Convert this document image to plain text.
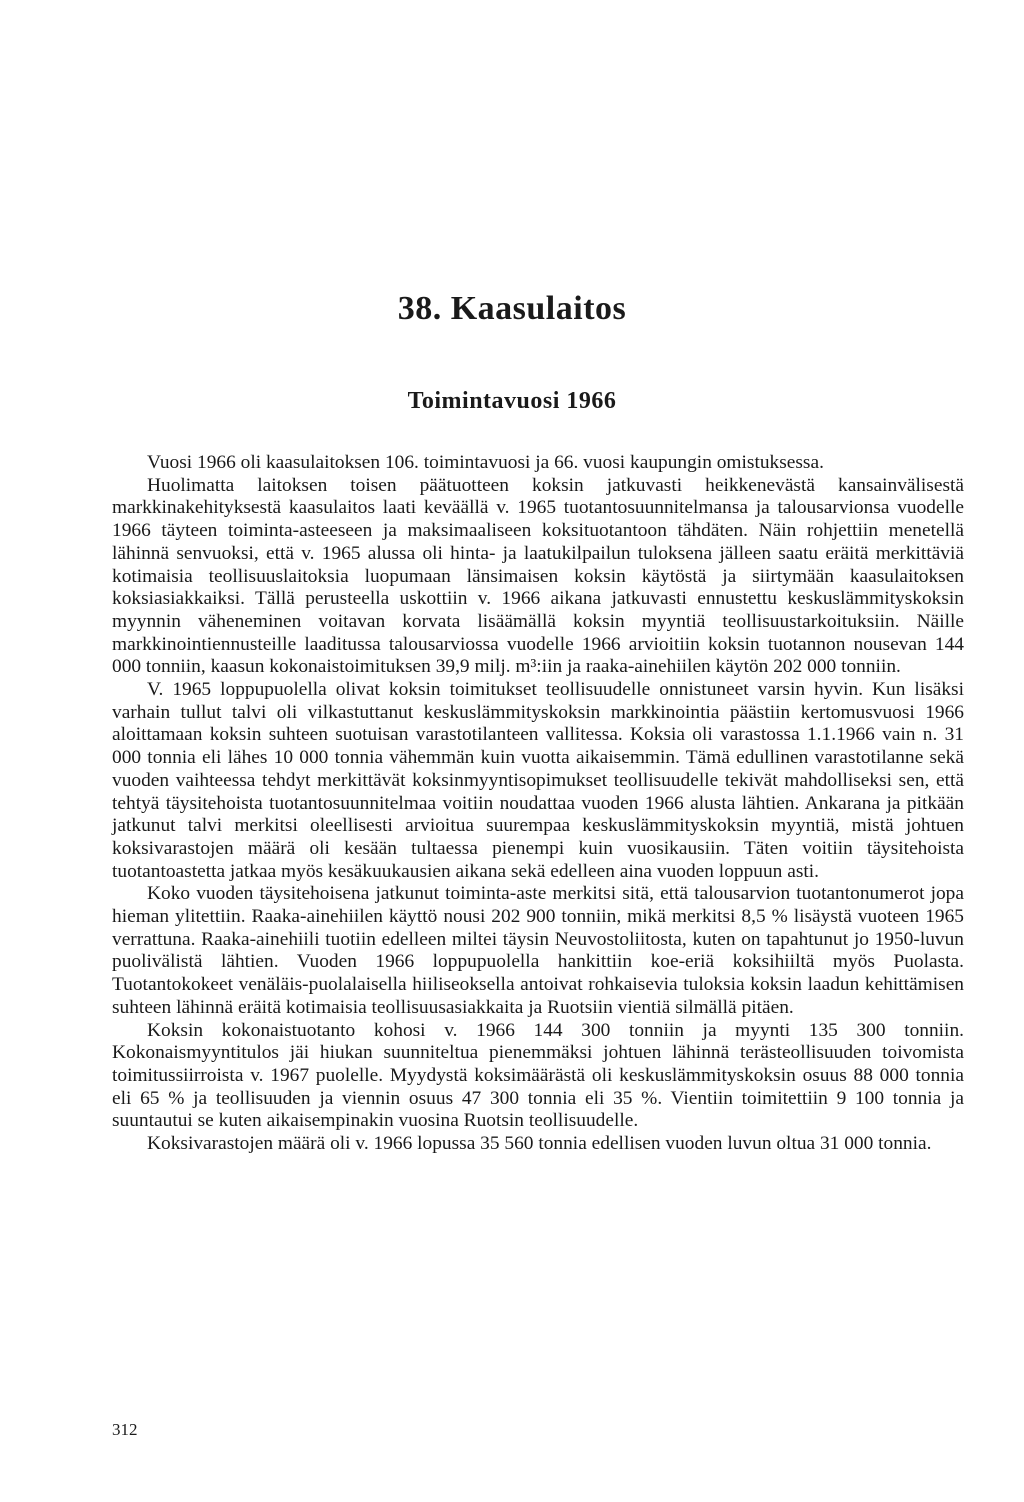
38. Kaasulaitos
Toimintavuosi 1966

Vuosi 1966 oli kaasulaitoksen 106. toimintavuosi ja 66. vuosi kaupungin omistuksessa.

Huolimatta laitoksen toisen päätuotteen koksin jatkuvasti heikkenevästä kansainvälisestä markkinakehityksestä kaasulaitos laati keväällä v. 1965 tuotantosuunnitelmansa ja talousarvionsa vuodelle 1966 täyteen toiminta-asteeseen ja maksimaaliseen koksituotantoon tähdäten. Näin rohjettiin menetellä lähinnä senvuoksi, että v. 1965 alussa oli hinta- ja laatukilpailun tuloksena jälleen saatu eräitä merkittäviä kotimaisia teollisuuslaitoksia luopumaan länsimaisen koksin käytöstä ja siirtymään kaasulaitoksen koksiasiakkaiksi. Tällä perusteella uskottiin v. 1966 aikana jatkuvasti ennustettu keskuslämmityskoksin myynnin väheneminen voitavan korvata lisäämällä koksin myyntiä teollisuustarkoituksiin. Näille markkinointiennusteille laaditussa talousarviossa vuodelle 1966 arvioitiin koksin tuotannon nousevan 144 000 tonniin, kaasun kokonaistoimituksen 39,9 milj. m³:iin ja raaka-ainehiilen käytön 202 000 tonniin.

V. 1965 loppupuolella olivat koksin toimitukset teollisuudelle onnistuneet varsin hyvin. Kun lisäksi varhain tullut talvi oli vilkastuttanut keskuslämmityskoksin markkinointia päästiin kertomusvuosi 1966 aloittamaan koksin suhteen suotuisan varastotilanteen vallitessa. Koksia oli varastossa 1.1.1966 vain n. 31 000 tonnia eli lähes 10 000 tonnia vähemmän kuin vuotta aikaisemmin. Tämä edullinen varastotilanne sekä vuoden vaihteessa tehdyt merkittävät koksinmyyntisopimukset teollisuudelle tekivät mahdolliseksi sen, että tehtyä täysitehoista tuotantosuunnitelmaa voitiin noudattaa vuoden 1966 alusta lähtien. Ankarana ja pitkään jatkunut talvi merkitsi oleellisesti arvioitua suurempaa keskuslämmityskoksin myyntiä, mistä johtuen koksivarastojen määrä oli kesään tultaessa pienempi kuin vuosikausiin. Täten voitiin täysitehoista tuotantoastetta jatkaa myös kesäkuukausien aikana sekä edelleen aina vuoden loppuun asti.

Koko vuoden täysitehoisena jatkunut toiminta-aste merkitsi sitä, että talousarvion tuotantonumerot jopa hieman ylitettiin. Raaka-ainehiilen käyttö nousi 202 900 tonniin, mikä merkitsi 8,5 % lisäystä vuoteen 1965 verrattuna. Raaka-ainehiili tuotiin edelleen miltei täysin Neuvostoliitosta, kuten on tapahtunut jo 1950-luvun puolivälistä lähtien. Vuoden 1966 loppupuolella hankittiin koe-eriä koksihiiltä myös Puolasta. Tuotantokokeet venäläis-puolalaisella hiiliseoksella antoivat rohkaisevia tuloksia koksin laadun kehittämisen suhteen lähinnä eräitä kotimaisia teollisuusasiakkaita ja Ruotsiin vientiä silmällä pitäen.

Koksin kokonaistuotanto kohosi v. 1966 144 300 tonniin ja myynti 135 300 tonniin. Kokonaismyyntitulos jäi hiukan suunniteltua pienemmäksi johtuen lähinnä terästeollisuuden toivomista toimitussiirroista v. 1967 puolelle. Myydystä koksimäärästä oli keskuslämmityskoksin osuus 88 000 tonnia eli 65 % ja teollisuuden ja viennin osuus 47 300 tonnia eli 35 %. Vientiin toimitettiin 9 100 tonnia ja suuntautui se kuten aikaisempinakin vuosina Ruotsin teollisuudelle.

Koksivarastojen määrä oli v. 1966 lopussa 35 560 tonnia edellisen vuoden luvun oltua 31 000 tonnia.

312
